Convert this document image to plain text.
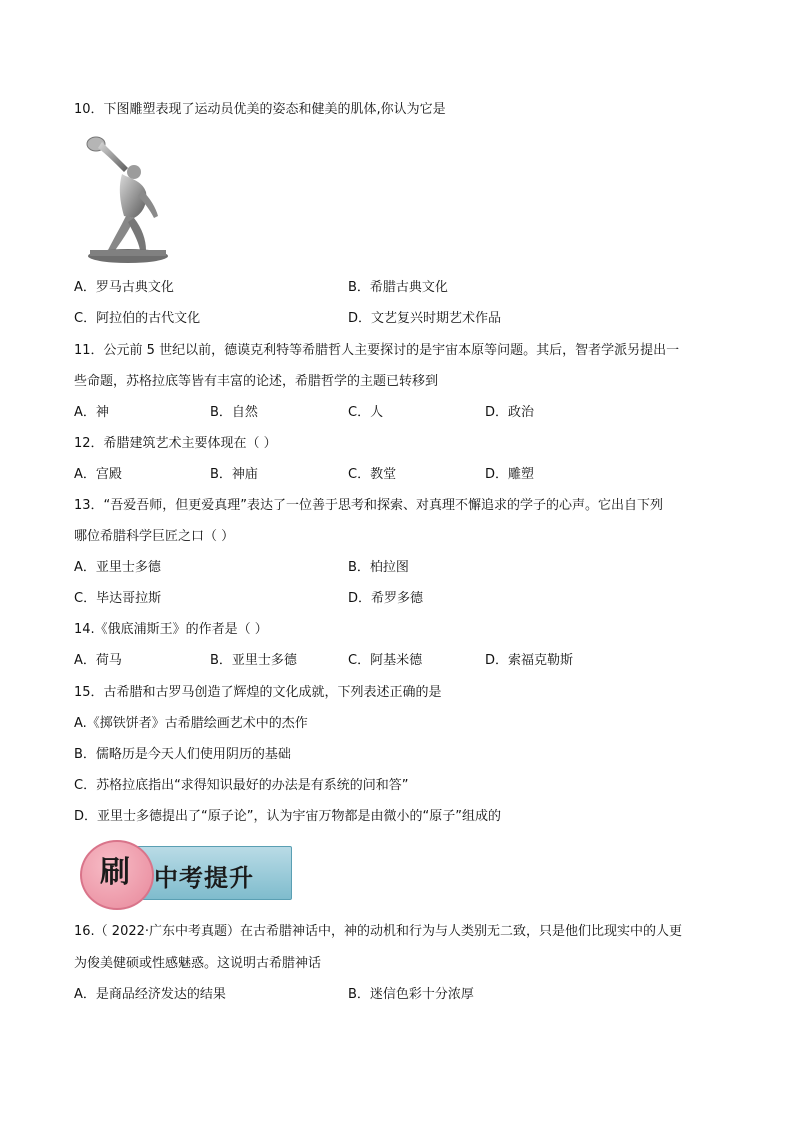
10．下图雕塑表现了运动员优美的姿态和健美的肌体,你认为它是
A．罗马古典文化	B．希腊古典文化
C．阿拉伯的古代文化	D．文艺复兴时期艺术作品
11．公元前 5 世纪以前，德谟克利特等希腊哲人主要探讨的是宇宙本原等问题。其后，智者学派另提出一
些命题，苏格拉底等皆有丰富的论述，希腊哲学的主题已转移到
A．神	B．自然	C．人	D．政治
12．希腊建筑艺术主要体现在（ ）
A．宫殿	B．神庙	C．教堂	D．雕塑
13．“吾爱吾师，但更爱真理”表达了一位善于思考和探索、对真理不懈追求的学子的心声。它出自下列
哪位希腊科学巨匠之口（ ）
A．亚里士多德	B．柏拉图
C．毕达哥拉斯	D．希罗多德
14.《俄底浦斯王》的作者是（ ）
A．荷马	B．亚里士多德	C．阿基米德	D．索福克勒斯
15．古希腊和古罗马创造了辉煌的文化成就，下列表述正确的是
A.《掷铁饼者》古希腊绘画艺术中的杰作
B．儒略历是今天人们使用阴历的基础
C．苏格拉底指出“求得知识最好的办法是有系统的问和答”
D．亚里士多德提出了“原子论”，认为宇宙万物都是由微小的“原子”组成的
刷	中考提升
16.（ 2022·广东中考真题）在古希腊神话中，神的动机和行为与人类别无二致，只是他们比现实中的人更
为俊美健硕或性感魅惑。这说明古希腊神话
A．是商品经济发达的结果	B．迷信色彩十分浓厚
